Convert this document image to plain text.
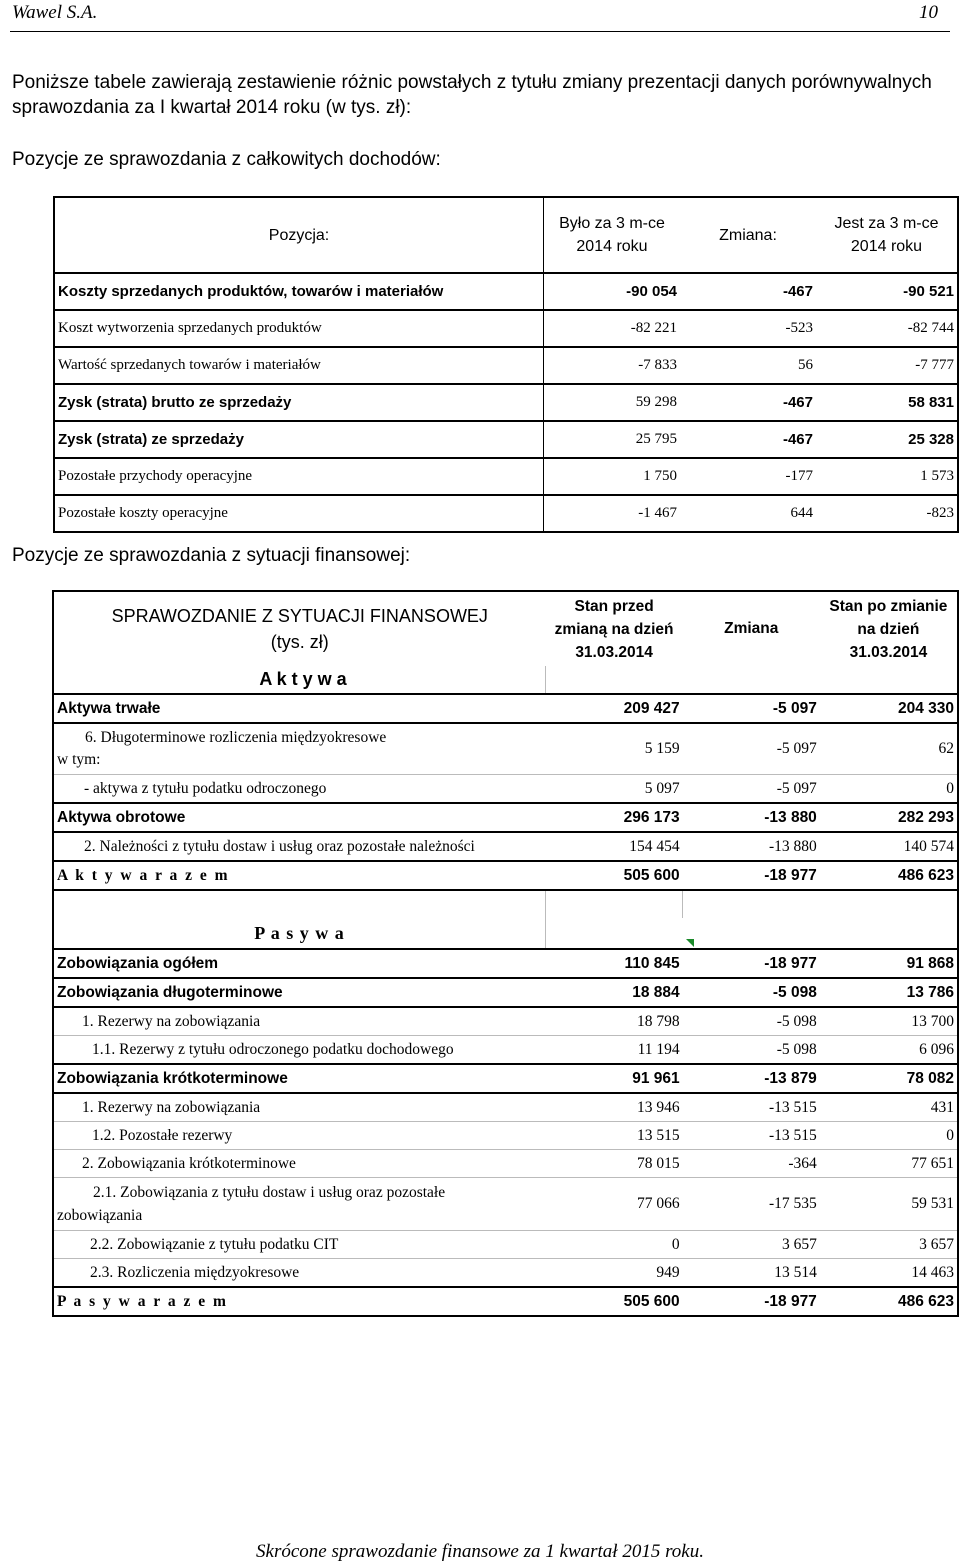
Wawel S.A.	10
Poniższe tabele zawierają zestawienie różnic powstałych z tytułu zmiany prezentacji danych porównywalnych sprawozdania za I kwartał 2014 roku (w tys. zł):
Pozycje ze sprawozdania z całkowitych dochodów:
Pozycja:	Było za 3 m-ce 2014 roku	Zmiana:	Jest za 3 m-ce 2014 roku
Koszty sprzedanych produktów, towarów i materiałów	-90 054	-467	-90 521
Koszt wytworzenia sprzedanych produktów	-82 221	-523	-82 744
Wartość sprzedanych towarów i materiałów	-7 833	56	-7 777
Zysk (strata) brutto ze sprzedaży	59 298	-467	58 831
Zysk (strata) ze sprzedaży	25 795	-467	25 328
Pozostałe przychody operacyjne	1 750	-177	1 573
Pozostałe koszty operacyjne	-1 467	644	-823
Pozycje ze sprawozdania z sytuacji finansowej:
SPRAWOZDANIE Z SYTUACJI FINANSOWEJ
(tys. zł)	Stan przed zmianą na dzień 31.03.2014	Zmiana	Stan po zmianie na dzień 31.03.2014
A k t y w a			
Aktywa trwałe	209 427	-5 097	204 330
6. Długoterminowe rozliczenia międzyokresowe
w tym:	5 159	-5 097	62
- aktywa z tytułu podatku odroczonego	5 097	-5 097	0
Aktywa obrotowe	296 173	-13 880	282 293
2. Należności z tytułu dostaw i usług oraz pozostałe należności	154 454	-13 880	140 574
A k t y w a r a z e m	505 600	-18 977	486 623

P a s y w a			
Zobowiązania ogółem	110 845	-18 977	91 868
Zobowiązania długoterminowe	18 884	-5 098	13 786
1. Rezerwy na zobowiązania	18 798	-5 098	13 700
1.1. Rezerwy z tytułu odroczonego podatku dochodowego	11 194	-5 098	6 096
Zobowiązania krótkoterminowe	91 961	-13 879	78 082
1. Rezerwy na zobowiązania	13 946	-13 515	431
1.2. Pozostałe rezerwy	13 515	-13 515	0
2. Zobowiązania krótkoterminowe	78 015	-364	77 651
2.1. Zobowiązania z tytułu dostaw i usług oraz pozostałe
zobowiązania	77 066	-17 535	59 531
2.2. Zobowiązanie z tytułu podatku CIT	0	3 657	3 657
2.3. Rozliczenia międzyokresowe	949	13 514	14 463
P a s y w a r a z e m	505 600	-18 977	486 623
Skrócone sprawozdanie finansowe za 1 kwartał 2015 roku.
